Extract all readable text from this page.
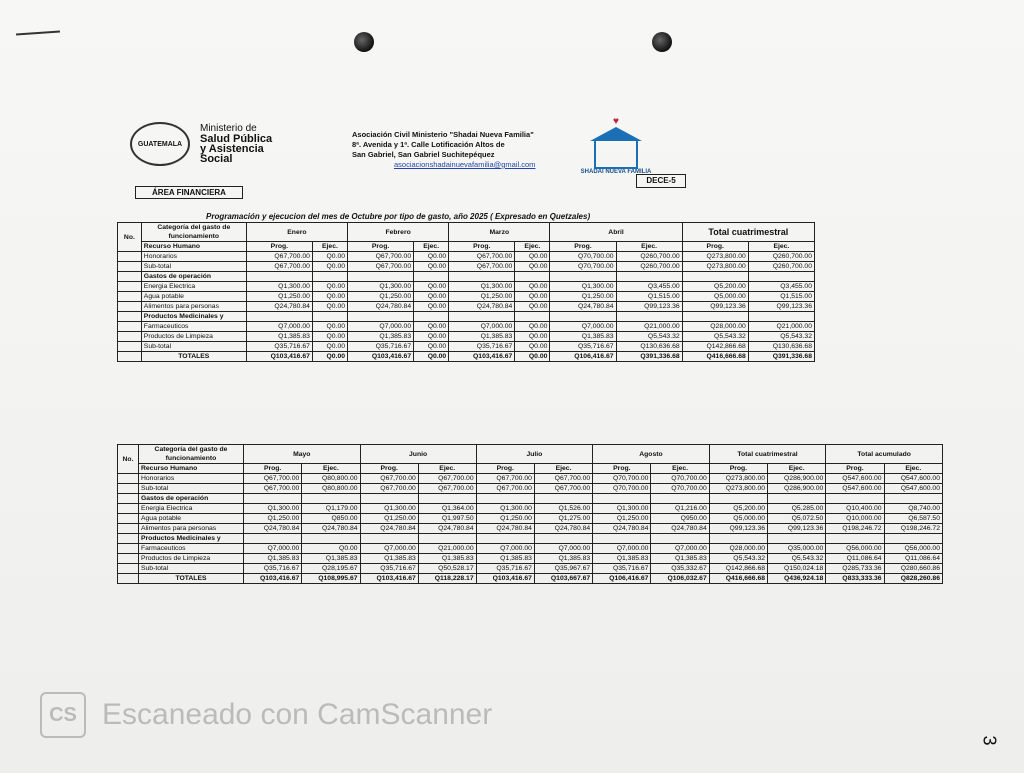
GUATEMALA
Ministerio de
Salud Pública
y Asistencia
Social
Asociación Civil Ministerio "Shadai Nueva Familia"
8ª. Avenida y 1ª. Calle Lotificación Altos de
San Gabriel, San Gabriel Suchitepéquez
asociacionshadainuevafamilia@gmail.com
♥
SHADAI NUEVA FAMILIA
DECE-5
ÁREA FINANCIERA
Programación y ejecucion del mes de Octubre por tipo de gasto, año 2025 ( Expresado en Quetzales)
No.	Categoría del gasto de funcionamiento	Enero		Febrero		Marzo		Abril		Total cuatrimestral	
	Recurso Humano	Prog.	Ejec.	Prog.	Ejec.	Prog.	Ejec.	Prog.	Ejec.	Prog.	Ejec.
	Honorarios	Q67,700.00	Q0.00	Q67,700.00	Q0.00	Q67,700.00	Q0.00	Q70,700.00	Q260,700.00	Q273,800.00	Q260,700.00
	Sub-total	Q67,700.00	Q0.00	Q67,700.00	Q0.00	Q67,700.00	Q0.00	Q70,700.00	Q260,700.00	Q273,800.00	Q260,700.00
	Gastos de operación										
	Energia Electrica	Q1,300.00	Q0.00	Q1,300.00	Q0.00	Q1,300.00	Q0.00	Q1,300.00	Q3,455.00	Q5,200.00	Q3,455.00
	Agua potable	Q1,250.00	Q0.00	Q1,250.00	Q0.00	Q1,250.00	Q0.00	Q1,250.00	Q1,515.00	Q5,000.00	Q1,515.00
	Alimentos para personas	Q24,780.84	Q0.00	Q24,780.84	Q0.00	Q24,780.84	Q0.00	Q24,780.84	Q99,123.36	Q99,123.36	Q99,123.36
	Productos Medicinales y										
	Farmaceuticos	Q7,000.00	Q0.00	Q7,000.00	Q0.00	Q7,000.00	Q0.00	Q7,000.00	Q21,000.00	Q28,000.00	Q21,000.00
	Productos de Limpieza	Q1,385.83	Q0.00	Q1,385.83	Q0.00	Q1,385.83	Q0.00	Q1,385.83	Q5,543.32	Q5,543.32	Q5,543.32
	Sub-total	Q35,716.67	Q0.00	Q35,716.67	Q0.00	Q35,716.67	Q0.00	Q35,716.67	Q130,636.68	Q142,866.68	Q130,636.68
	TOTALES	Q103,416.67	Q0.00	Q103,416.67	Q0.00	Q103,416.67	Q0.00	Q106,416.67	Q391,336.68	Q416,666.68	Q391,336.68
No.	Categoría del gasto de funcionamiento	Mayo		Junio		Julio		Agosto		Total cuatrimestral		Total acumulado	
	Recurso Humano	Prog.	Ejec.	Prog.	Ejec.	Prog.	Ejec.	Prog.	Ejec.	Prog.	Ejec.	Prog.	Ejec.
	Honorarios	Q67,700.00	Q80,800.00	Q67,700.00	Q67,700.00	Q67,700.00	Q67,700.00	Q70,700.00	Q70,700.00	Q273,800.00	Q286,900.00	Q547,600.00	Q547,600.00
	Sub-total	Q67,700.00	Q80,800.00	Q67,700.00	Q67,700.00	Q67,700.00	Q67,700.00	Q70,700.00	Q70,700.00	Q273,800.00	Q286,900.00	Q547,600.00	Q547,600.00
	Gastos de operación												
	Energia Electrica	Q1,300.00	Q1,179.00	Q1,300.00	Q1,364.00	Q1,300.00	Q1,526.00	Q1,300.00	Q1,216.00	Q5,200.00	Q5,285.00	Q10,400.00	Q8,740.00
	Agua potable	Q1,250.00	Q850.00	Q1,250.00	Q1,997.50	Q1,250.00	Q1,275.00	Q1,250.00	Q950.00	Q5,000.00	Q5,072.50	Q10,000.00	Q6,587.50
	Alimentos para personas	Q24,780.84	Q24,780.84	Q24,780.84	Q24,780.84	Q24,780.84	Q24,780.84	Q24,780.84	Q24,780.84	Q99,123.36	Q99,123.36	Q198,246.72	Q198,246.72
	Productos Medicinales y												
	Farmaceuticos	Q7,000.00	Q0.00	Q7,000.00	Q21,000.00	Q7,000.00	Q7,000.00	Q7,000.00	Q7,000.00	Q28,000.00	Q35,000.00	Q56,000.00	Q56,000.00
	Productos de Limpieza	Q1,385.83	Q1,385.83	Q1,385.83	Q1,385.83	Q1,385.83	Q1,385.83	Q1,385.83	Q1,385.83	Q5,543.32	Q5,543.32	Q11,086.64	Q11,086.64
	Sub-total	Q35,716.67	Q28,195.67	Q35,716.67	Q50,528.17	Q35,716.67	Q35,967.67	Q35,716.67	Q35,332.67	Q142,866.68	Q150,024.18	Q285,733.36	Q280,660.86
	TOTALES	Q103,416.67	Q108,995.67	Q103,416.67	Q118,228.17	Q103,416.67	Q103,667.67	Q106,416.67	Q106,032.67	Q416,666.68	Q436,924.18	Q833,333.36	Q828,260.86
CS Escaneado con CamScanner
3
